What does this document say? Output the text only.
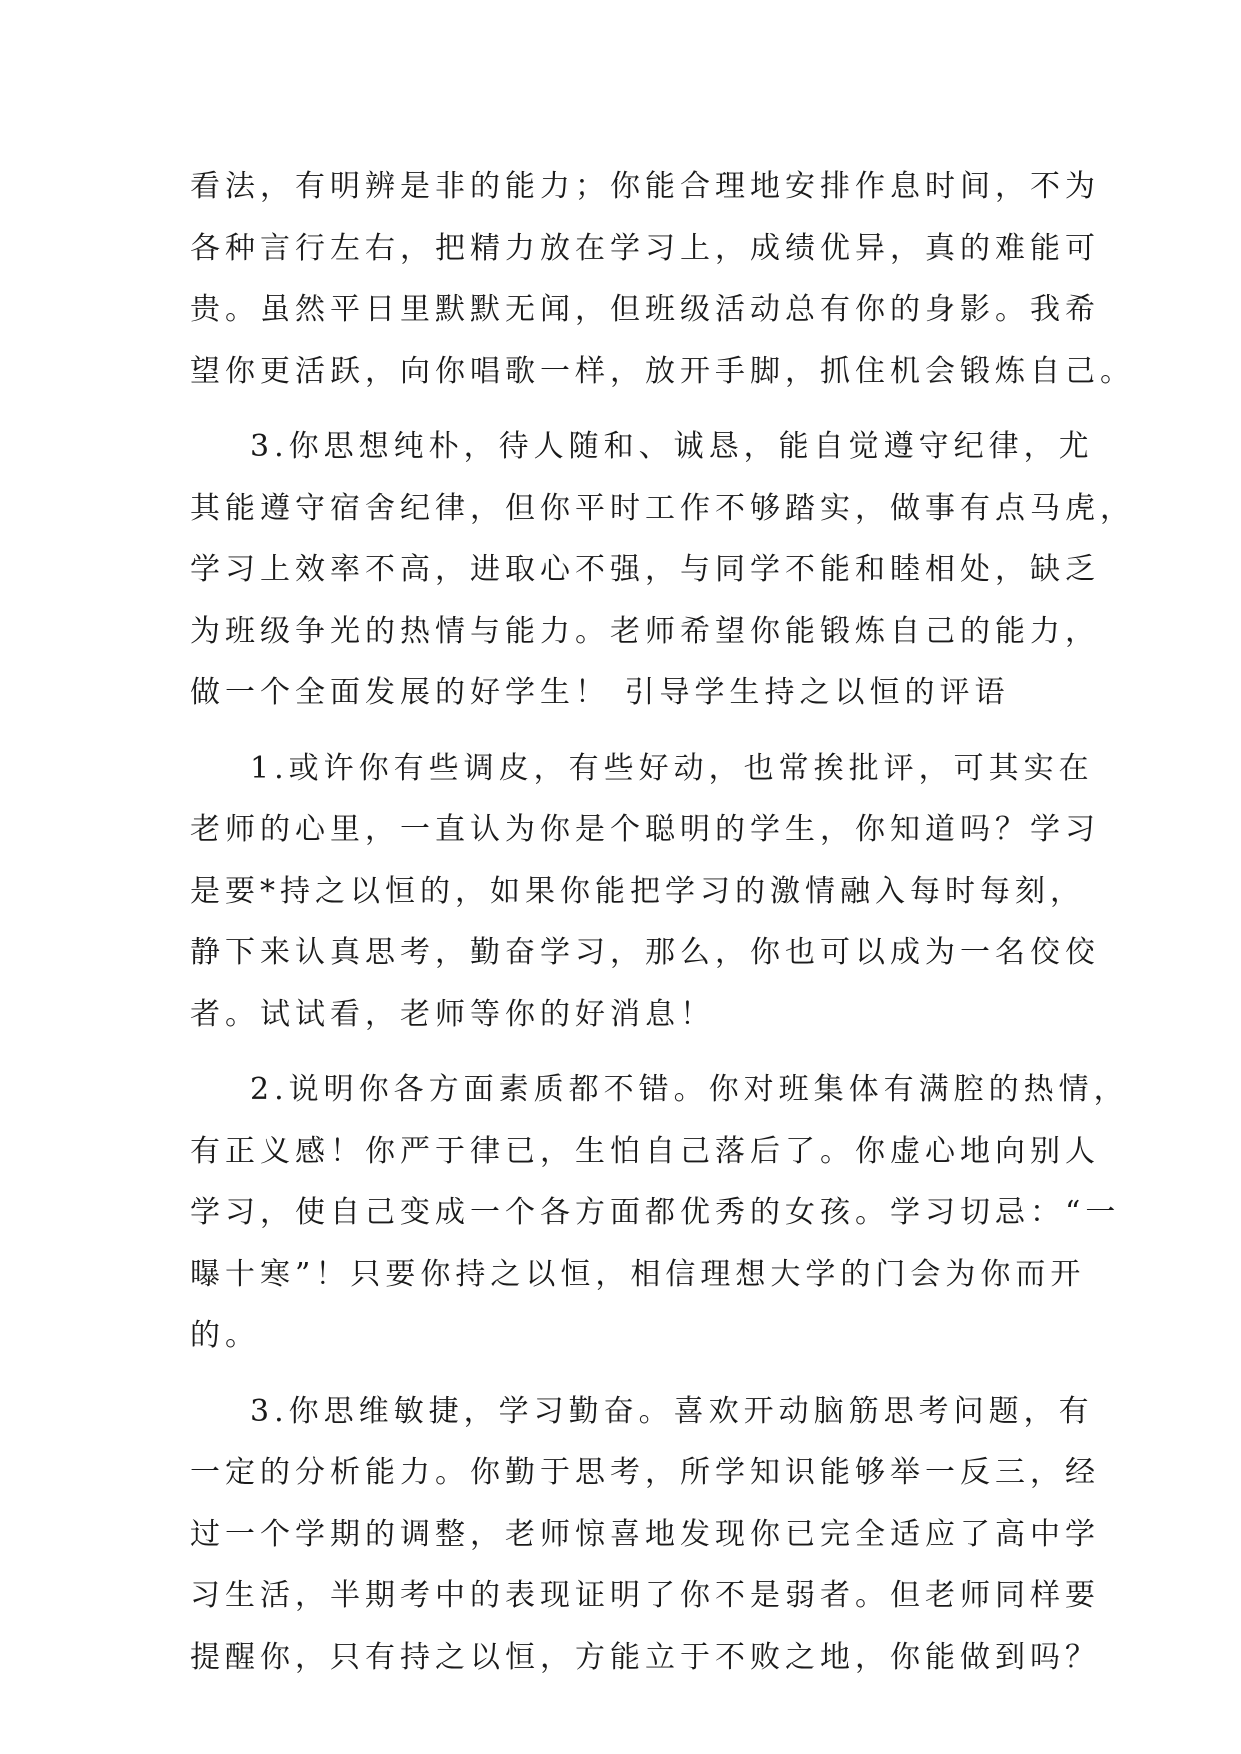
看法，有明辨是非的能力；你能合理地安排作息时间，不为
各种言行左右，把精力放在学习上，成绩优异，真的难能可
贵。虽然平日里默默无闻，但班级活动总有你的身影。我希
望你更活跃，向你唱歌一样，放开手脚，抓住机会锻炼自己。
3.你思想纯朴，待人随和、诚恳，能自觉遵守纪律，尤
其能遵守宿舍纪律，但你平时工作不够踏实，做事有点马虎，
学习上效率不高，进取心不强，与同学不能和睦相处，缺乏
为班级争光的热情与能力。老师希望你能锻炼自己的能力，
做一个全面发展的好学生！ 引导学生持之以恒的评语
1.或许你有些调皮，有些好动，也常挨批评，可其实在
老师的心里，一直认为你是个聪明的学生，你知道吗？学习
是要*持之以恒的，如果你能把学习的激情融入每时每刻，
静下来认真思考，勤奋学习，那么，你也可以成为一名佼佼
者。试试看，老师等你的好消息！
2.说明你各方面素质都不错。你对班集体有满腔的热情，
有正义感！你严于律已，生怕自己落后了。你虚心地向别人
学习，使自己变成一个各方面都优秀的女孩。学习切忌：“一
曝十寒”！只要你持之以恒，相信理想大学的门会为你而开
的。
3.你思维敏捷，学习勤奋。喜欢开动脑筋思考问题，有
一定的分析能力。你勤于思考，所学知识能够举一反三，经
过一个学期的调整，老师惊喜地发现你已完全适应了高中学
习生活，半期考中的表现证明了你不是弱者。但老师同样要
提醒你，只有持之以恒，方能立于不败之地，你能做到吗？
